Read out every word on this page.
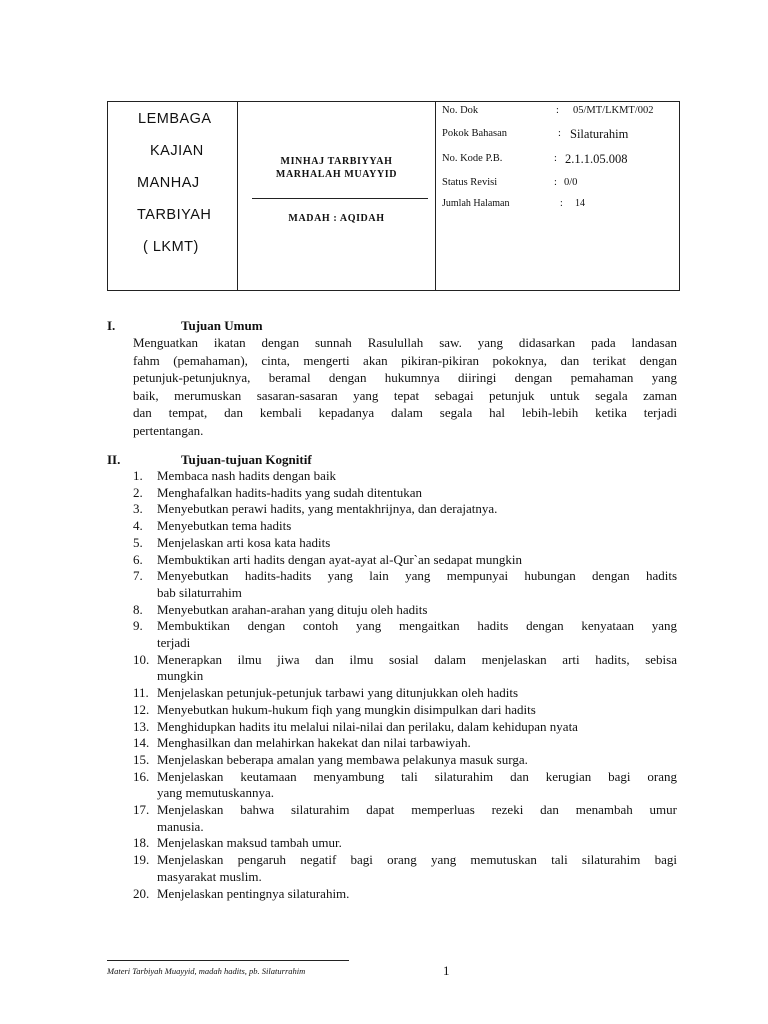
LEMBAGA
KAJIAN
MANHAJ
TARBIYAH
( LKMT)
MINHAJ TARBIYYAH
MARHALAH MUAYYID
MADAH : AQIDAH
No. Dok	: 05/MT/LKMT/002
Pokok Bahasan	: Silaturahim
No. Kode P.B.	: 2.1.1.05.008
Status Revisi	: 0/0
Jumlah Halaman	: 14
I.	Tujuan Umum
Menguatkan ikatan dengan sunnah Rasulullah saw. yang didasarkan pada landasan
fahm (pemahaman), cinta, mengerti akan pikiran-pikiran pokoknya, dan terikat dengan
petunjuk-petunjuknya, beramal dengan hukumnya diiringi dengan pemahaman yang
baik, merumuskan sasaran-sasaran yang tepat sebagai petunjuk untuk segala zaman
dan tempat, dan kembali kepadanya dalam segala hal lebih-lebih ketika terjadi
pertentangan.
II.	Tujuan-tujuan Kognitif
1. Membaca nash hadits dengan baik
2. Menghafalkan hadits-hadits yang sudah ditentukan
3. Menyebutkan perawi hadits, yang mentakhrijnya, dan derajatnya.
4. Menyebutkan tema hadits
5. Menjelaskan arti kosa kata hadits
6. Membuktikan arti hadits dengan ayat-ayat al-Qur`an sedapat mungkin
7. Menyebutkan hadits-hadits yang lain yang mempunyai hubungan dengan hadits
bab silaturrahim
8. Menyebutkan arahan-arahan yang dituju oleh hadits
9. Membuktikan dengan contoh yang mengaitkan hadits dengan kenyataan yang
terjadi
10. Menerapkan ilmu jiwa dan ilmu sosial dalam menjelaskan arti hadits, sebisa
mungkin
11. Menjelaskan petunjuk-petunjuk tarbawi yang ditunjukkan oleh hadits
12. Menyebutkan hukum-hukum fiqh yang mungkin disimpulkan dari hadits
13. Menghidupkan hadits itu melalui nilai-nilai dan perilaku, dalam kehidupan nyata
14. Menghasilkan dan melahirkan hakekat dan nilai tarbawiyah.
15. Menjelaskan beberapa amalan yang membawa pelakunya masuk surga.
16. Menjelaskan keutamaan menyambung tali silaturahim dan kerugian bagi orang
yang memutuskannya.
17. Menjelaskan bahwa silaturahim dapat memperluas rezeki dan menambah umur
manusia.
18. Menjelaskan maksud tambah umur.
19. Menjelaskan pengaruh negatif bagi orang yang memutuskan tali silaturahim bagi
masyarakat muslim.
20. Menjelaskan pentingnya silaturahim.
Materi Tarbiyah Muayyid, madah hadits, pb. Silaturrahim	1
